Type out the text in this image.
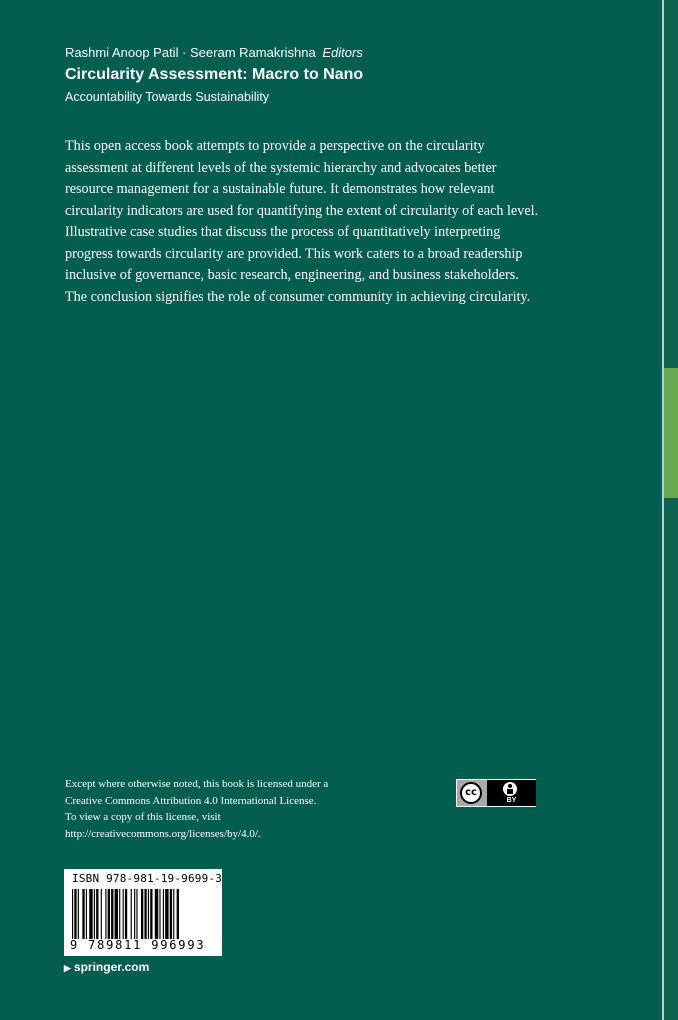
Rashmi Anoop Patil · Seeram Ramakrishna Editors
Circularity Assessment: Macro to Nano
Accountability Towards Sustainability
This open access book attempts to provide a perspective on the circularity assessment at different levels of the systemic hierarchy and advocates better resource management for a sustainable future. It demonstrates how relevant circularity indicators are used for quantifying the extent of circularity of each level. Illustrative case studies that discuss the process of quantitatively interpreting progress towards circularity are provided. This work caters to a broad readership inclusive of governance, basic research, engineering, and business stakeholders. The conclusion signifies the role of consumer community in achieving circularity.
Except where otherwise noted, this book is licensed under a
Creative Commons Attribution 4.0 International License.
To view a copy of this license, visit
http://creativecommons.org/licenses/by/4.0/.
cc
BY
ISBN 978-981-19-9699-3
9 789811 996993
▶ springer.com
